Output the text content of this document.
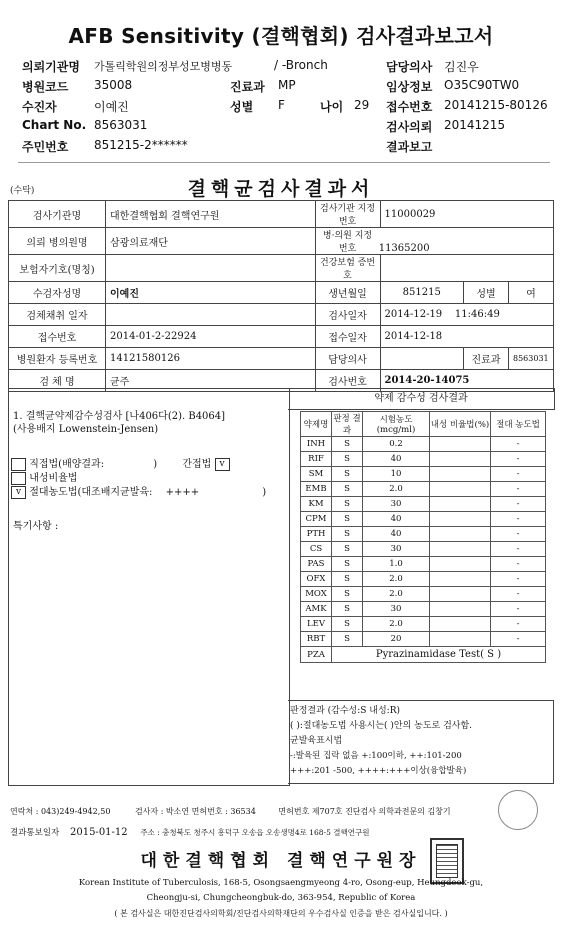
AFB Sensitivity (결핵협회) 검사결과보고서
의뢰기관명 가톨릭학원의정부성모병병동	/ -Bronch	담당의사 김진우
병원코드 35008	진료과 MP	임상정보 O35C90TW0
수진자	이예진	성별 F	나이 29 접수번호 20141215-80126
Chart No. 8563031	검사의뢰 20141215
주민번호 851215-2******	결과보고
(수탁)	결핵균검사결과서
검사기관명	대한결핵협회 결핵연구원	검사기관 지정번호	11000029		
의뢰 병의원명	삼광의료재단	병·의원 지정번호 11365200			
보험자기호(명칭)		건강보험 증번호			
수검자성명	이예진	생년월일	851215	성별	여
검체채취 일자		검사일자	2014-12-19 11:46:49		
접수번호	2014-01-2-22924	접수일자	2014-12-18		
병원환자 등록번호	14121580126	담당의사		진료과	8563031
검 체 명	균주	검사번호	2014-20-14075		
1. 결핵균약제감수성검사 [나406다(2). B4064]
(사용배지 Lowenstein-Jensen)
직접법(배양결과:	)	간접법 v
내성비율법
v 절대농도법(대조배지균발육: ++++	)
특기사항 :
약제 감수성 검사결과
약제명	판정 결과	시험농도 (mcg/ml)	내성 비율법(%)	절대 농도법
INH	S	0.2		-
RIF	S	40		-
SM	S	10		-
EMB	S	2.0		-
KM	S	30		-
CPM	S	40		-
PTH	S	40		-
CS	S	30		-
PAS	S	1.0		-
OFX	S	2.0		-
MOX	S	2.0		-
AMK	S	30		-
LEV	S	2.0		-
RBT	S	20		-
PZA	Pyrazinamidase Test( S )			
판정결과 (감수성:S 내성:R)
( ):절대농도법 사용시는( )안의 농도로 검사함.
균발육표시법
-:발육된 집락 없음 +:100이하, ++:101-200
+++:201 -500, ++++:+++이상(융합발육)
연락처 : 043)249-4942,50	검사자 : 박소연 면허번호 : 36534	면허번호 제707호 진단검사 의학과전문의 김창기
결과통보일자 2015-01-12 주소 : 충청북도 청주시 흥덕구 오송읍 오송생명4로 168-5 결핵연구원
대한결핵협회 결핵연구원장
Korean Institute of Tuberculosis, 168-5, Osongsaengmyeong 4-ro, Osong-eup, Heungdeok-gu,
Cheongju-si, Chungcheongbuk-do, 363-954, Republic of Korea
( 본 검사실은 대한진단검사의학회/진단검사의학재단의 우수검사실 인증을 받은 검사실입니다. )
